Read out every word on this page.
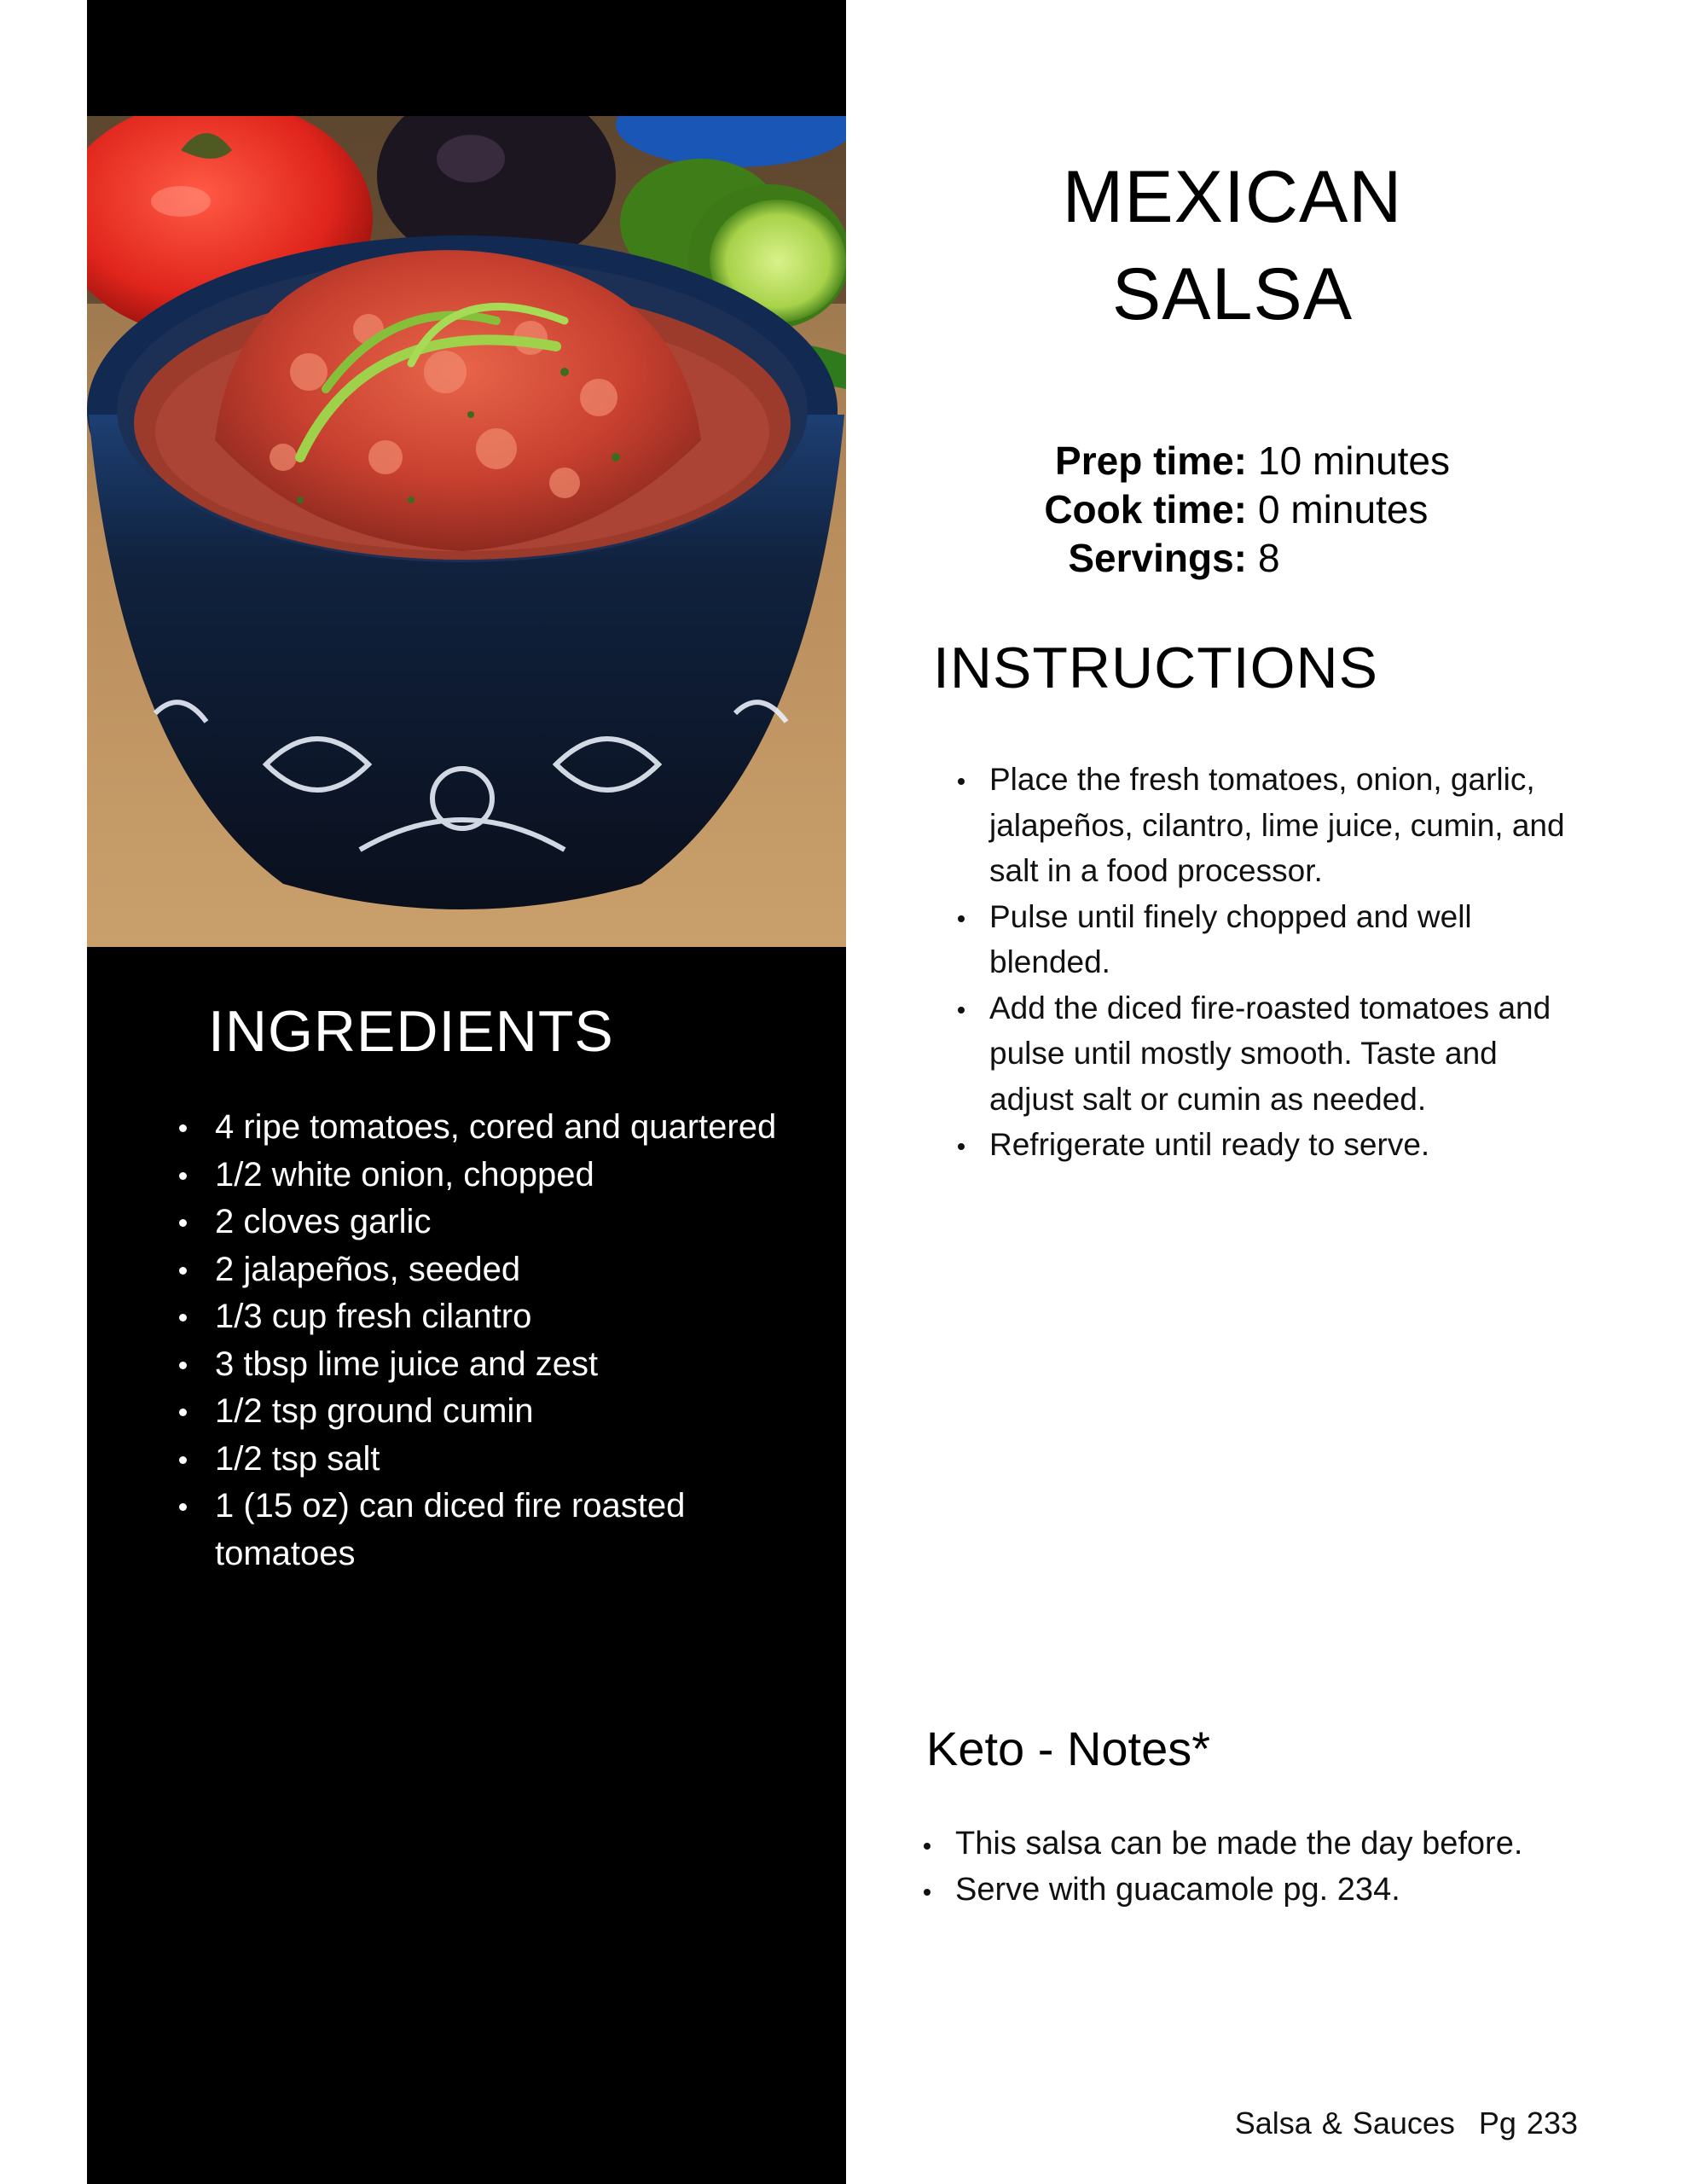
INGREDIENTS
4 ripe tomatoes, cored and quartered
1/2 white onion, chopped
2 cloves garlic
2 jalapeños, seeded
1/3 cup fresh cilantro
3 tbsp lime juice and zest
1/2 tsp ground cumin
1/2 tsp salt
1 (15 oz) can diced fire roasted tomatoes
MEXICAN
SALSA
Prep time: 10 minutes
Cook time: 0 minutes
Servings: 8
INSTRUCTIONS
Place the fresh tomatoes, onion, garlic, jalapeños, cilantro, lime juice, cumin, and salt in a food processor.
Pulse until finely chopped and well blended.
Add the diced fire-roasted tomatoes and pulse until mostly smooth. Taste and adjust salt or cumin as needed.
Refrigerate until ready to serve.
Keto - Notes*
This salsa can be made the day before.
Serve with guacamole pg. 234.
Salsa & Sauces Pg 233
